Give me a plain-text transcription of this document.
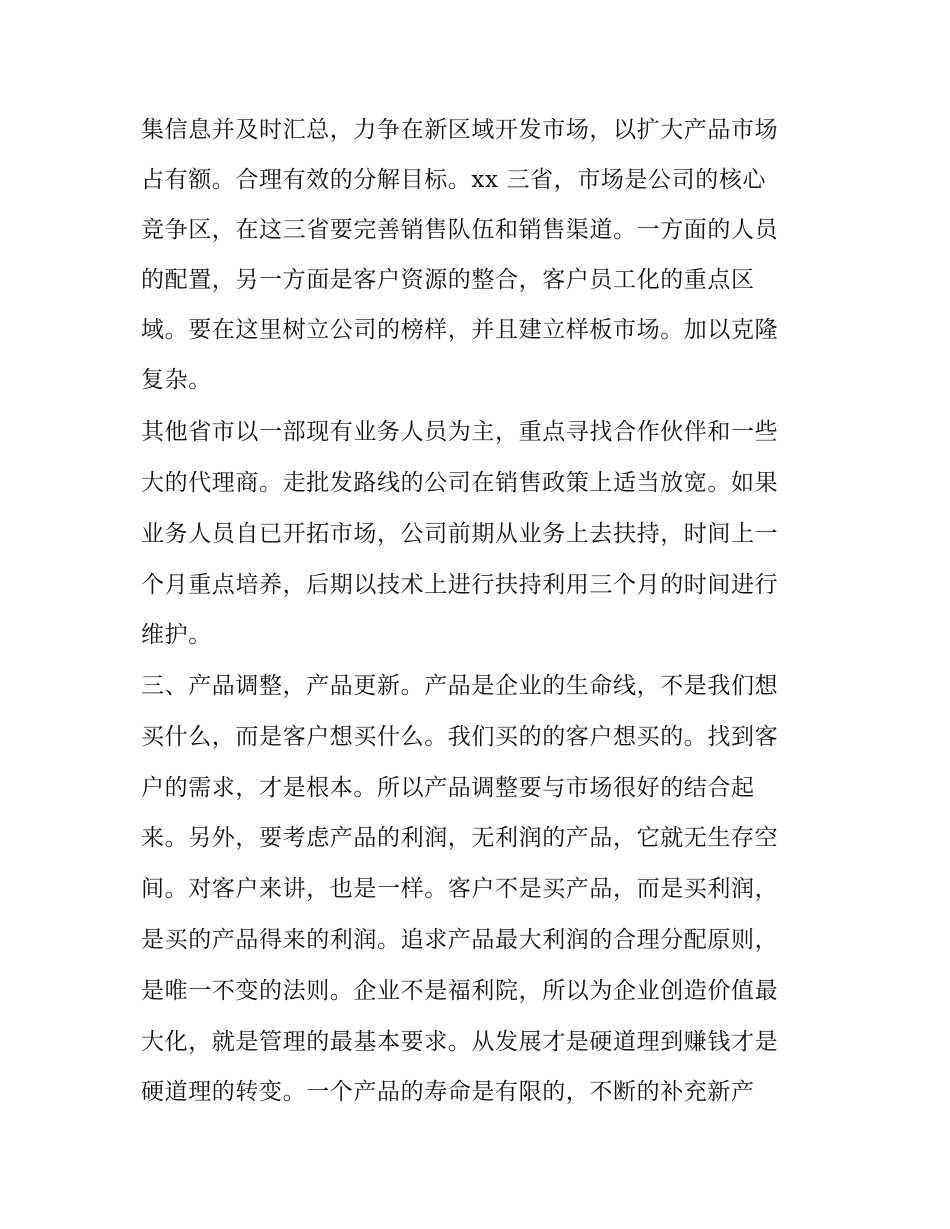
集信息并及时汇总，力争在新区域开发市场，以扩大产品市场
占有额。合理有效的分解目标。xx 三省，市场是公司的核心
竞争区，在这三省要完善销售队伍和销售渠道。一方面的人员
的配置，另一方面是客户资源的整合，客户员工化的重点区
域。要在这里树立公司的榜样，并且建立样板市场。加以克隆
复杂。
其他省市以一部现有业务人员为主，重点寻找合作伙伴和一些
大的代理商。走批发路线的公司在销售政策上适当放宽。如果
业务人员自已开拓市场，公司前期从业务上去扶持，时间上一
个月重点培养，后期以技术上进行扶持利用三个月的时间进行
维护。
三、产品调整，产品更新。产品是企业的生命线，不是我们想
买什么，而是客户想买什么。我们买的的客户想买的。找到客
户的需求，才是根本。所以产品调整要与市场很好的结合起
来。另外，要考虑产品的利润，无利润的产品，它就无生存空
间。对客户来讲，也是一样。客户不是买产品，而是买利润，
是买的产品得来的利润。追求产品最大利润的合理分配原则，
是唯一不变的法则。企业不是福利院，所以为企业创造价值最
大化，就是管理的最基本要求。从发展才是硬道理到赚钱才是
硬道理的转变。一个产品的寿命是有限的，不断的补充新产
